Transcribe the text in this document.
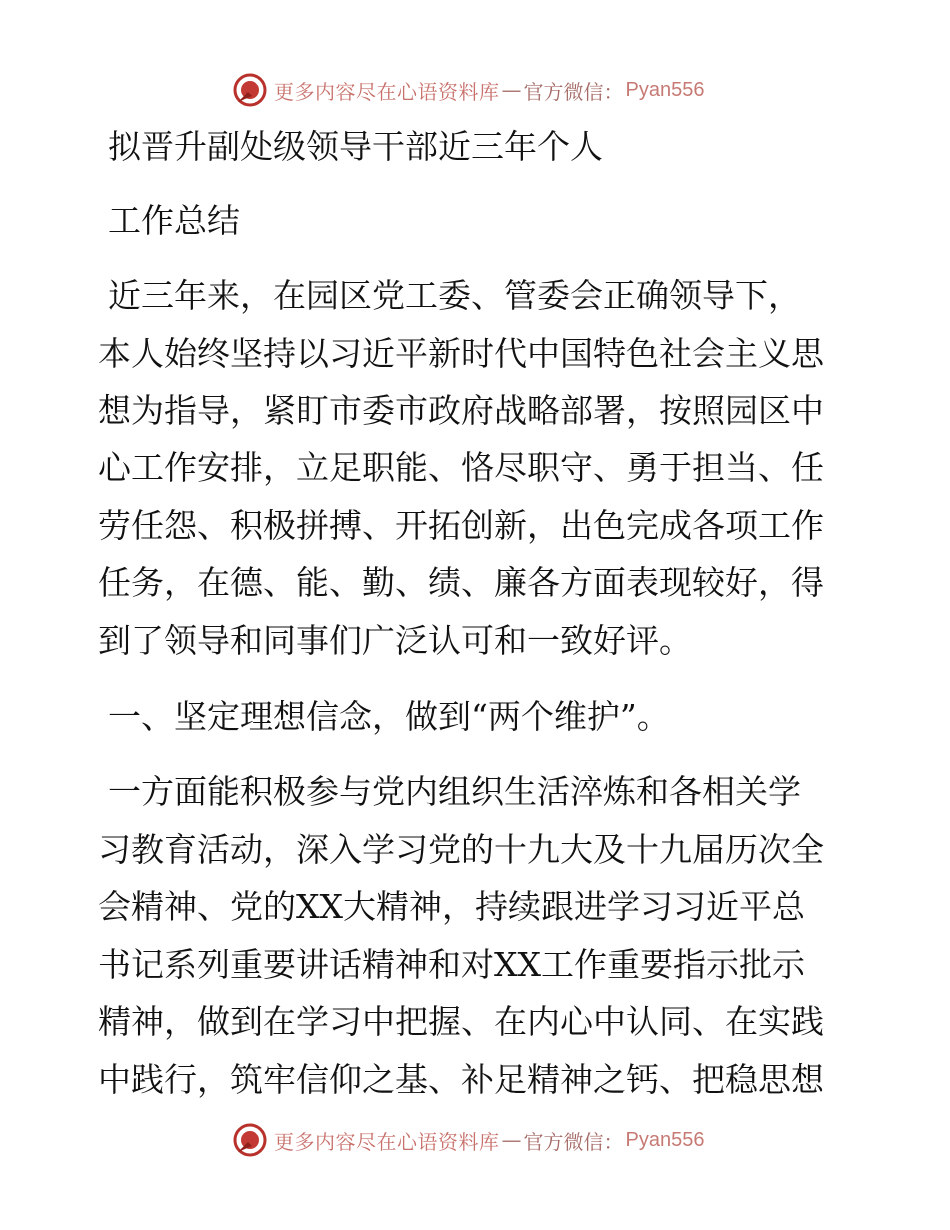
更多内容尽在心语资料库 — 官方微信： Pyan556
拟晋升副处级领导干部近三年个人
工作总结
近三年来，在园区党工委、管委会正确领导下，
本人始终坚持以习近平新时代中国特色社会主义思
想为指导，紧盯市委市政府战略部署，按照园区中
心工作安排，立足职能、恪尽职守、勇于担当、任
劳任怨、积极拼搏、开拓创新，出色完成各项工作
任务，在德、能、勤、绩、廉各方面表现较好，得
到了领导和同事们广泛认可和一致好评。
一、坚定理想信念，做到“两个维护”。
一方面能积极参与党内组织生活淬炼和各相关学
习教育活动，深入学习党的十九大及十九届历次全
会精神、党的XX大精神，持续跟进学习习近平总
书记系列重要讲话精神和对XX工作重要指示批示
精神，做到在学习中把握、在内心中认同、在实践
中践行，筑牢信仰之基、补足精神之钙、把稳思想
更多内容尽在心语资料库 — 官方微信： Pyan556
